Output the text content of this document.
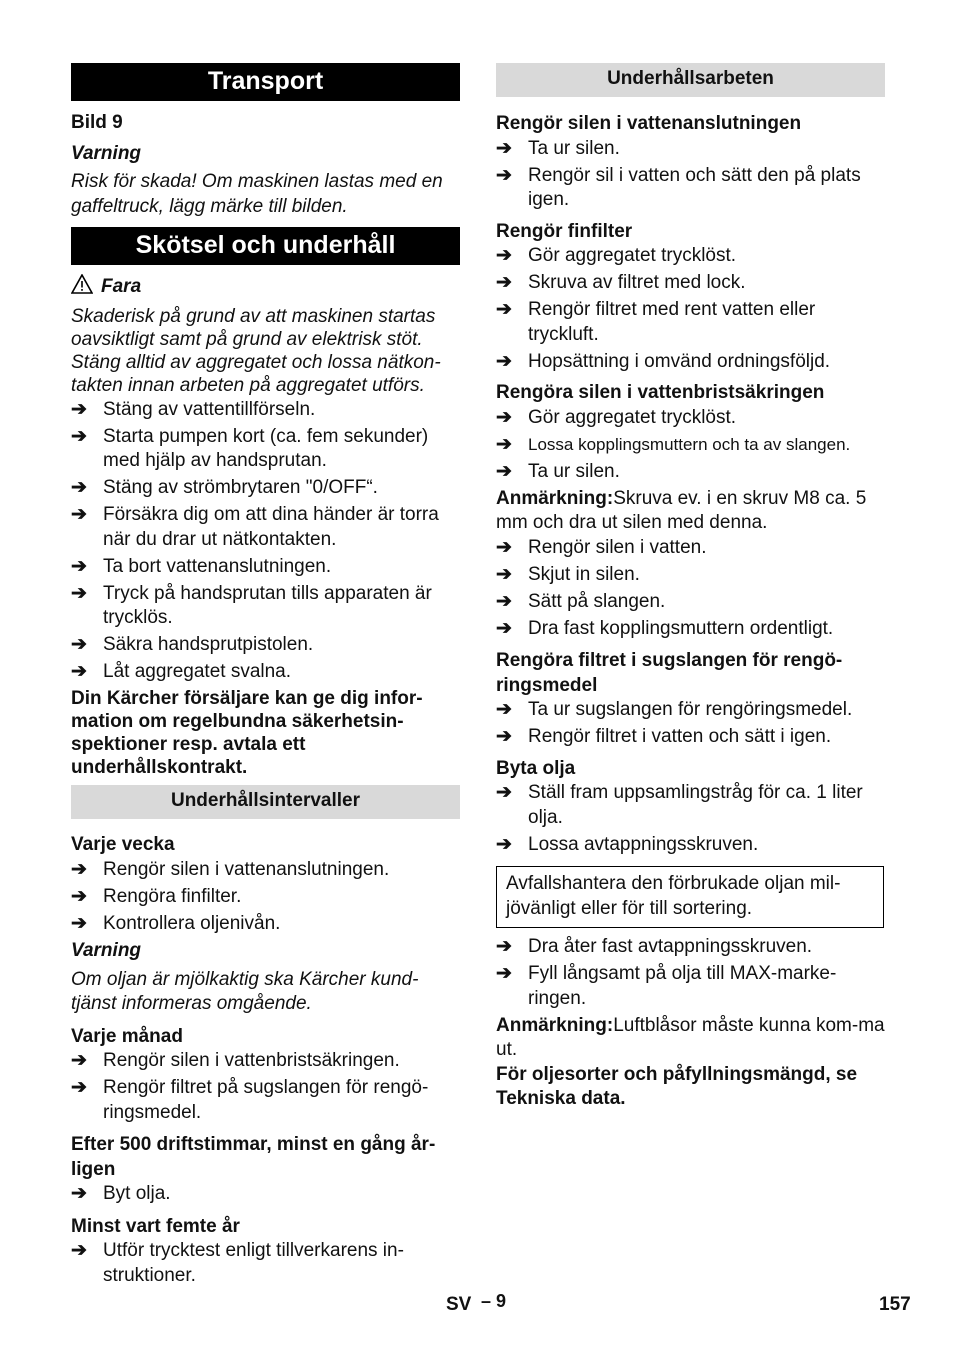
Transport

Bild 9

Varning

Risk för skada! Om maskinen lastas med en gaffeltruck, lägg märke till bilden.

Skötsel och underhåll

Fara

Skaderisk på grund av att maskinen startas oavsiktligt samt på grund av elektrisk stöt. Stäng alltid av aggregatet och lossa nätkon-takten innan arbeten på aggregatet utförs.

➔ Stäng av vattentillförseln.
➔ Starta pumpen kort (ca. fem sekunder) med hjälp av handsprutan.
➔ Stäng av strömbrytaren "0/OFF“.
➔ Försäkra dig om att dina händer är torra när du drar ut nätkontakten.
➔ Ta bort vattenanslutningen.
➔ Tryck på handsprutan tills apparaten är trycklös.
➔ Säkra handsprutpistolen.
➔ Låt aggregatet svalna.

Din Kärcher försäljare kan ge dig infor-mation om regelbundna säkerhetsin-spektioner resp. avtala ett underhållskontrakt.

Underhållsintervaller

Varje vecka

➔ Rengör silen i vattenanslutningen.
➔ Rengöra finfilter.
➔ Kontrollera oljenivån.

Varning

Om oljan är mjölkaktig ska Kärcher kund-tjänst informeras omgående.

Varje månad

➔ Rengör silen i vattenbristsäkringen.
➔ Rengör filtret på sugslangen för rengö-ringsmedel.

Efter 500 driftstimmar, minst en gång år-ligen

➔ Byt olja.

Minst vart femte år

➔ Utför trycktest enligt tillverkarens in-struktioner.
Underhållsarbeten

Rengör silen i vattenanslutningen

➔ Ta ur silen.
➔ Rengör sil i vatten och sätt den på plats igen.

Rengör finfilter

➔ Gör aggregatet trycklöst.
➔ Skruva av filtret med lock.
➔ Rengör filtret med rent vatten eller tryckluft.
➔ Hopsättning i omvänd ordningsföljd.

Rengöra silen i vattenbristsäkringen

➔ Gör aggregatet trycklöst.
➔ Lossa kopplingsmuttern och ta av slangen.
➔ Ta ur silen.

Anmärkning:Skruva ev. i en skruv M8 ca. 5 mm och dra ut silen med denna.

➔ Rengör silen i vatten.
➔ Skjut in silen.
➔ Sätt på slangen.
➔ Dra fast kopplingsmuttern ordentligt.

Rengöra filtret i sugslangen för rengö-ringsmedel

➔ Ta ur sugslangen för rengöringsmedel.
➔ Rengör filtret i vatten och sätt i igen.

Byta olja

➔ Ställ fram uppsamlingstråg för ca. 1 liter olja.
➔ Lossa avtappningsskruven.
Avfallshantera den förbrukade oljan mil-jövänligt eller för till sortering.
➔ Dra åter fast avtappningsskruven.
➔ Fyll långsamt på olja till MAX-marke-ringen.

Anmärkning:Luftblåsor måste kunna kom-ma ut.

För oljesorter och påfyllningsmängd, se Tekniska data.

SV – 9	157
